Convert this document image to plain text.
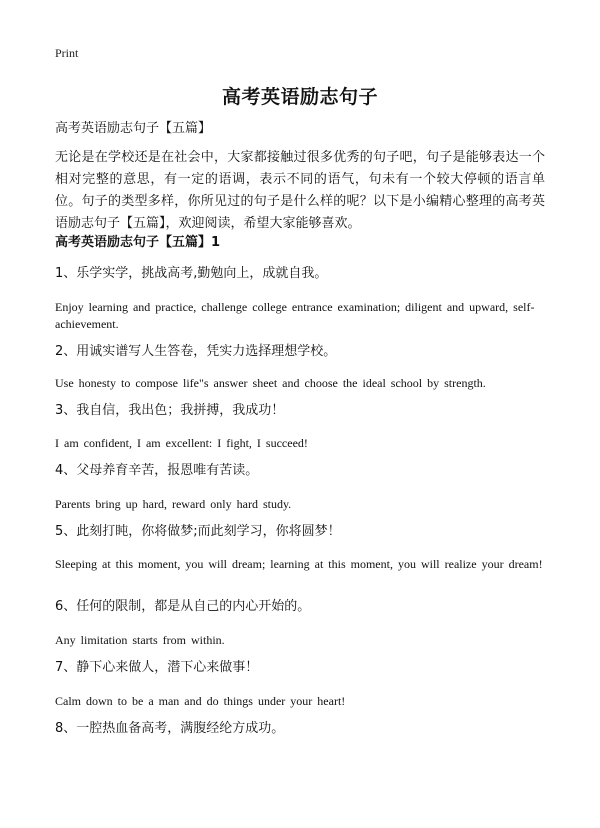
Print
高考英语励志句子

高考英语励志句子【五篇】

无论是在学校还是在社会中，大家都接触过很多优秀的句子吧，句子是能够表达一个相对完整的意思，有一定的语调，表示不同的语气，句未有一个较大停顿的语言单位。句子的类型多样，你所见过的句子是什么样的呢？以下是小编精心整理的高考英语励志句子【五篇】，欢迎阅读，希望大家能够喜欢。

高考英语励志句子【五篇】1

1、乐学实学，挑战高考,勤勉向上，成就自我。

Enjoy learning and practice, challenge college entrance examination; diligent and upward, self-achievement.

2、用诚实谱写人生答卷，凭实力选择理想学校。

Use honesty to compose life"s answer sheet and choose the ideal school by strength.

3、我自信，我出色；我拼搏，我成功！

I am confident, I am excellent: I fight, I succeed!

4、父母养育辛苦，报恩唯有苦读。

Parents bring up hard, reward only hard study.

5、此刻打盹，你将做梦;而此刻学习，你将圆梦！

Sleeping at this moment, you will dream; learning at this moment, you will realize your dream!

6、任何的限制，都是从自己的内心开始的。

Any limitation starts from within.

7、静下心来做人，潜下心来做事！

Calm down to be a man and do things under your heart!

8、一腔热血备高考，满腹经纶方成功。
